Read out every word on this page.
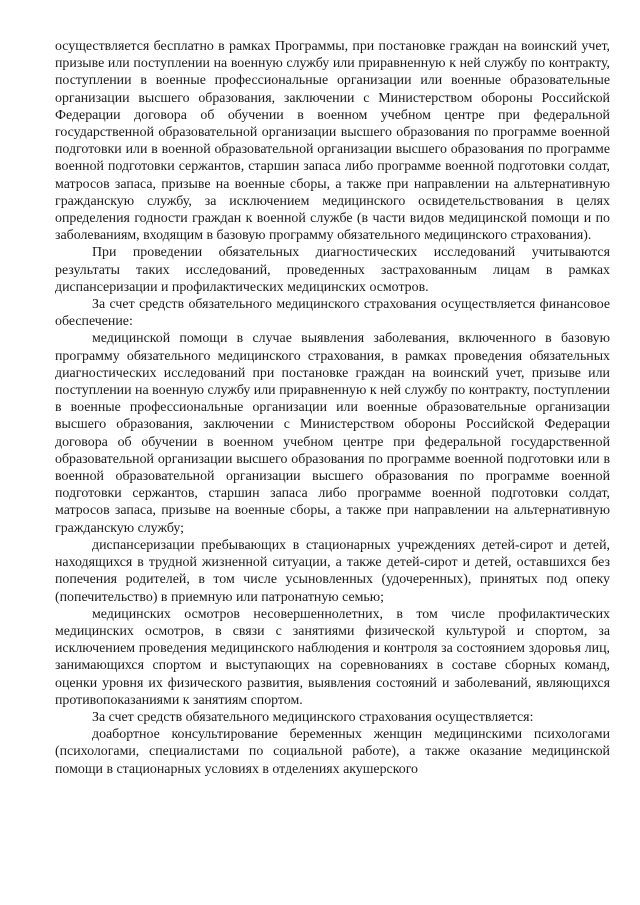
осуществляется бесплатно в рамках Программы, при постановке граждан на воинский учет, призыве или поступлении на военную службу или приравненную к ней службу по контракту, поступлении в военные профессиональные организации или военные образовательные организации высшего образования, заключении с Министерством обороны Российской Федерации договора об обучении в военном учебном центре при федеральной государственной образовательной организации высшего образования по программе военной подготовки или в военной образовательной организации высшего образования по программе военной подготовки сержантов, старшин запаса либо программе военной подготовки солдат, матросов запаса, призыве на военные сборы, а также при направлении на альтернативную гражданскую службу, за исключением медицинского освидетельствования в целях определения годности граждан к военной службе (в части видов медицинской помощи и по заболеваниям, входящим в базовую программу обязательного медицинского страхования).

При проведении обязательных диагностических исследований учитываются результаты таких исследований, проведенных застрахованным лицам в рамках диспансеризации и профилактических медицинских осмотров.

За счет средств обязательного медицинского страхования осуществляется финансовое обеспечение:

медицинской помощи в случае выявления заболевания, включенного в базовую программу обязательного медицинского страхования, в рамках проведения обязательных диагностических исследований при постановке граждан на воинский учет, призыве или поступлении на военную службу или приравненную к ней службу по контракту, поступлении в военные профессиональные организации или военные образовательные организации высшего образования, заключении с Министерством обороны Российской Федерации договора об обучении в военном учебном центре при федеральной государственной образовательной организации высшего образования по программе военной подготовки или в военной образовательной организации высшего образования по программе военной подготовки сержантов, старшин запаса либо программе военной подготовки солдат, матросов запаса, призыве на военные сборы, а также при направлении на альтернативную гражданскую службу;

диспансеризации пребывающих в стационарных учреждениях детей-сирот и детей, находящихся в трудной жизненной ситуации, а также детей-сирот и детей, оставшихся без попечения родителей, в том числе усыновленных (удочеренных), принятых под опеку (попечительство) в приемную или патронатную семью;

медицинских осмотров несовершеннолетних, в том числе профилактических медицинских осмотров, в связи с занятиями физической культурой и спортом, за исключением проведения медицинского наблюдения и контроля за состоянием здоровья лиц, занимающихся спортом и выступающих на соревнованиях в составе сборных команд, оценки уровня их физического развития, выявления состояний и заболеваний, являющихся противопоказаниями к занятиям спортом.

За счет средств обязательного медицинского страхования осуществляется:

доабортное консультирование беременных женщин медицинскими психологами (психологами, специалистами по социальной работе), а также оказание медицинской помощи в стационарных условиях в отделениях акушерского
